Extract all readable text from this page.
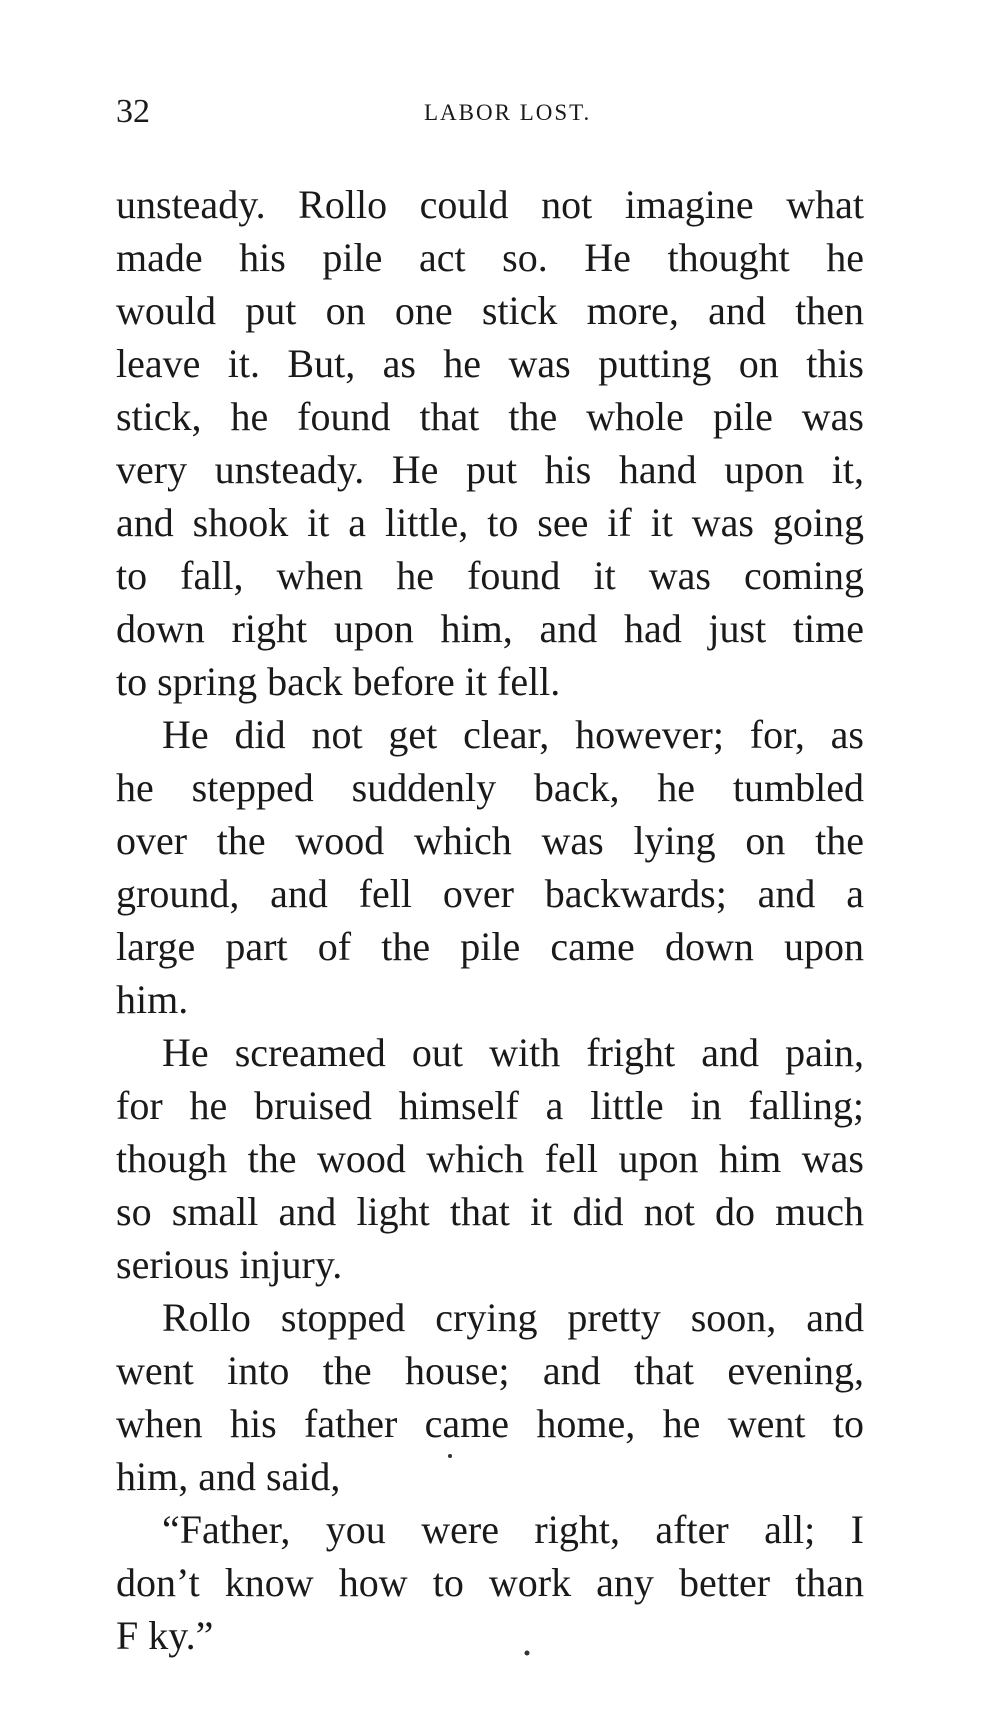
32	LABOR LOST.
unsteady. Rollo could not imagine what
made his pile act so. He thought he
would put on one stick more, and then
leave it. But, as he was putting on this
stick, he found that the whole pile was
very unsteady. He put his hand upon it,
and shook it a little, to see if it was going
to fall, when he found it was coming
down right upon him, and had just time
to spring back before it fell.
He did not get clear, however; for, as
he stepped suddenly back, he tumbled
over the wood which was lying on the
ground, and fell over backwards; and a
large part of the pile came down upon
him.
He screamed out with fright and pain,
for he bruised himself a little in falling;
though the wood which fell upon him was
so small and light that it did not do much
serious injury.
Rollo stopped crying pretty soon, and
went into the house; and that evening,
when his father came home, he went to
him, and said,
“Father, you were right, after all; I
don’t know how to work any better than
F ky.”
